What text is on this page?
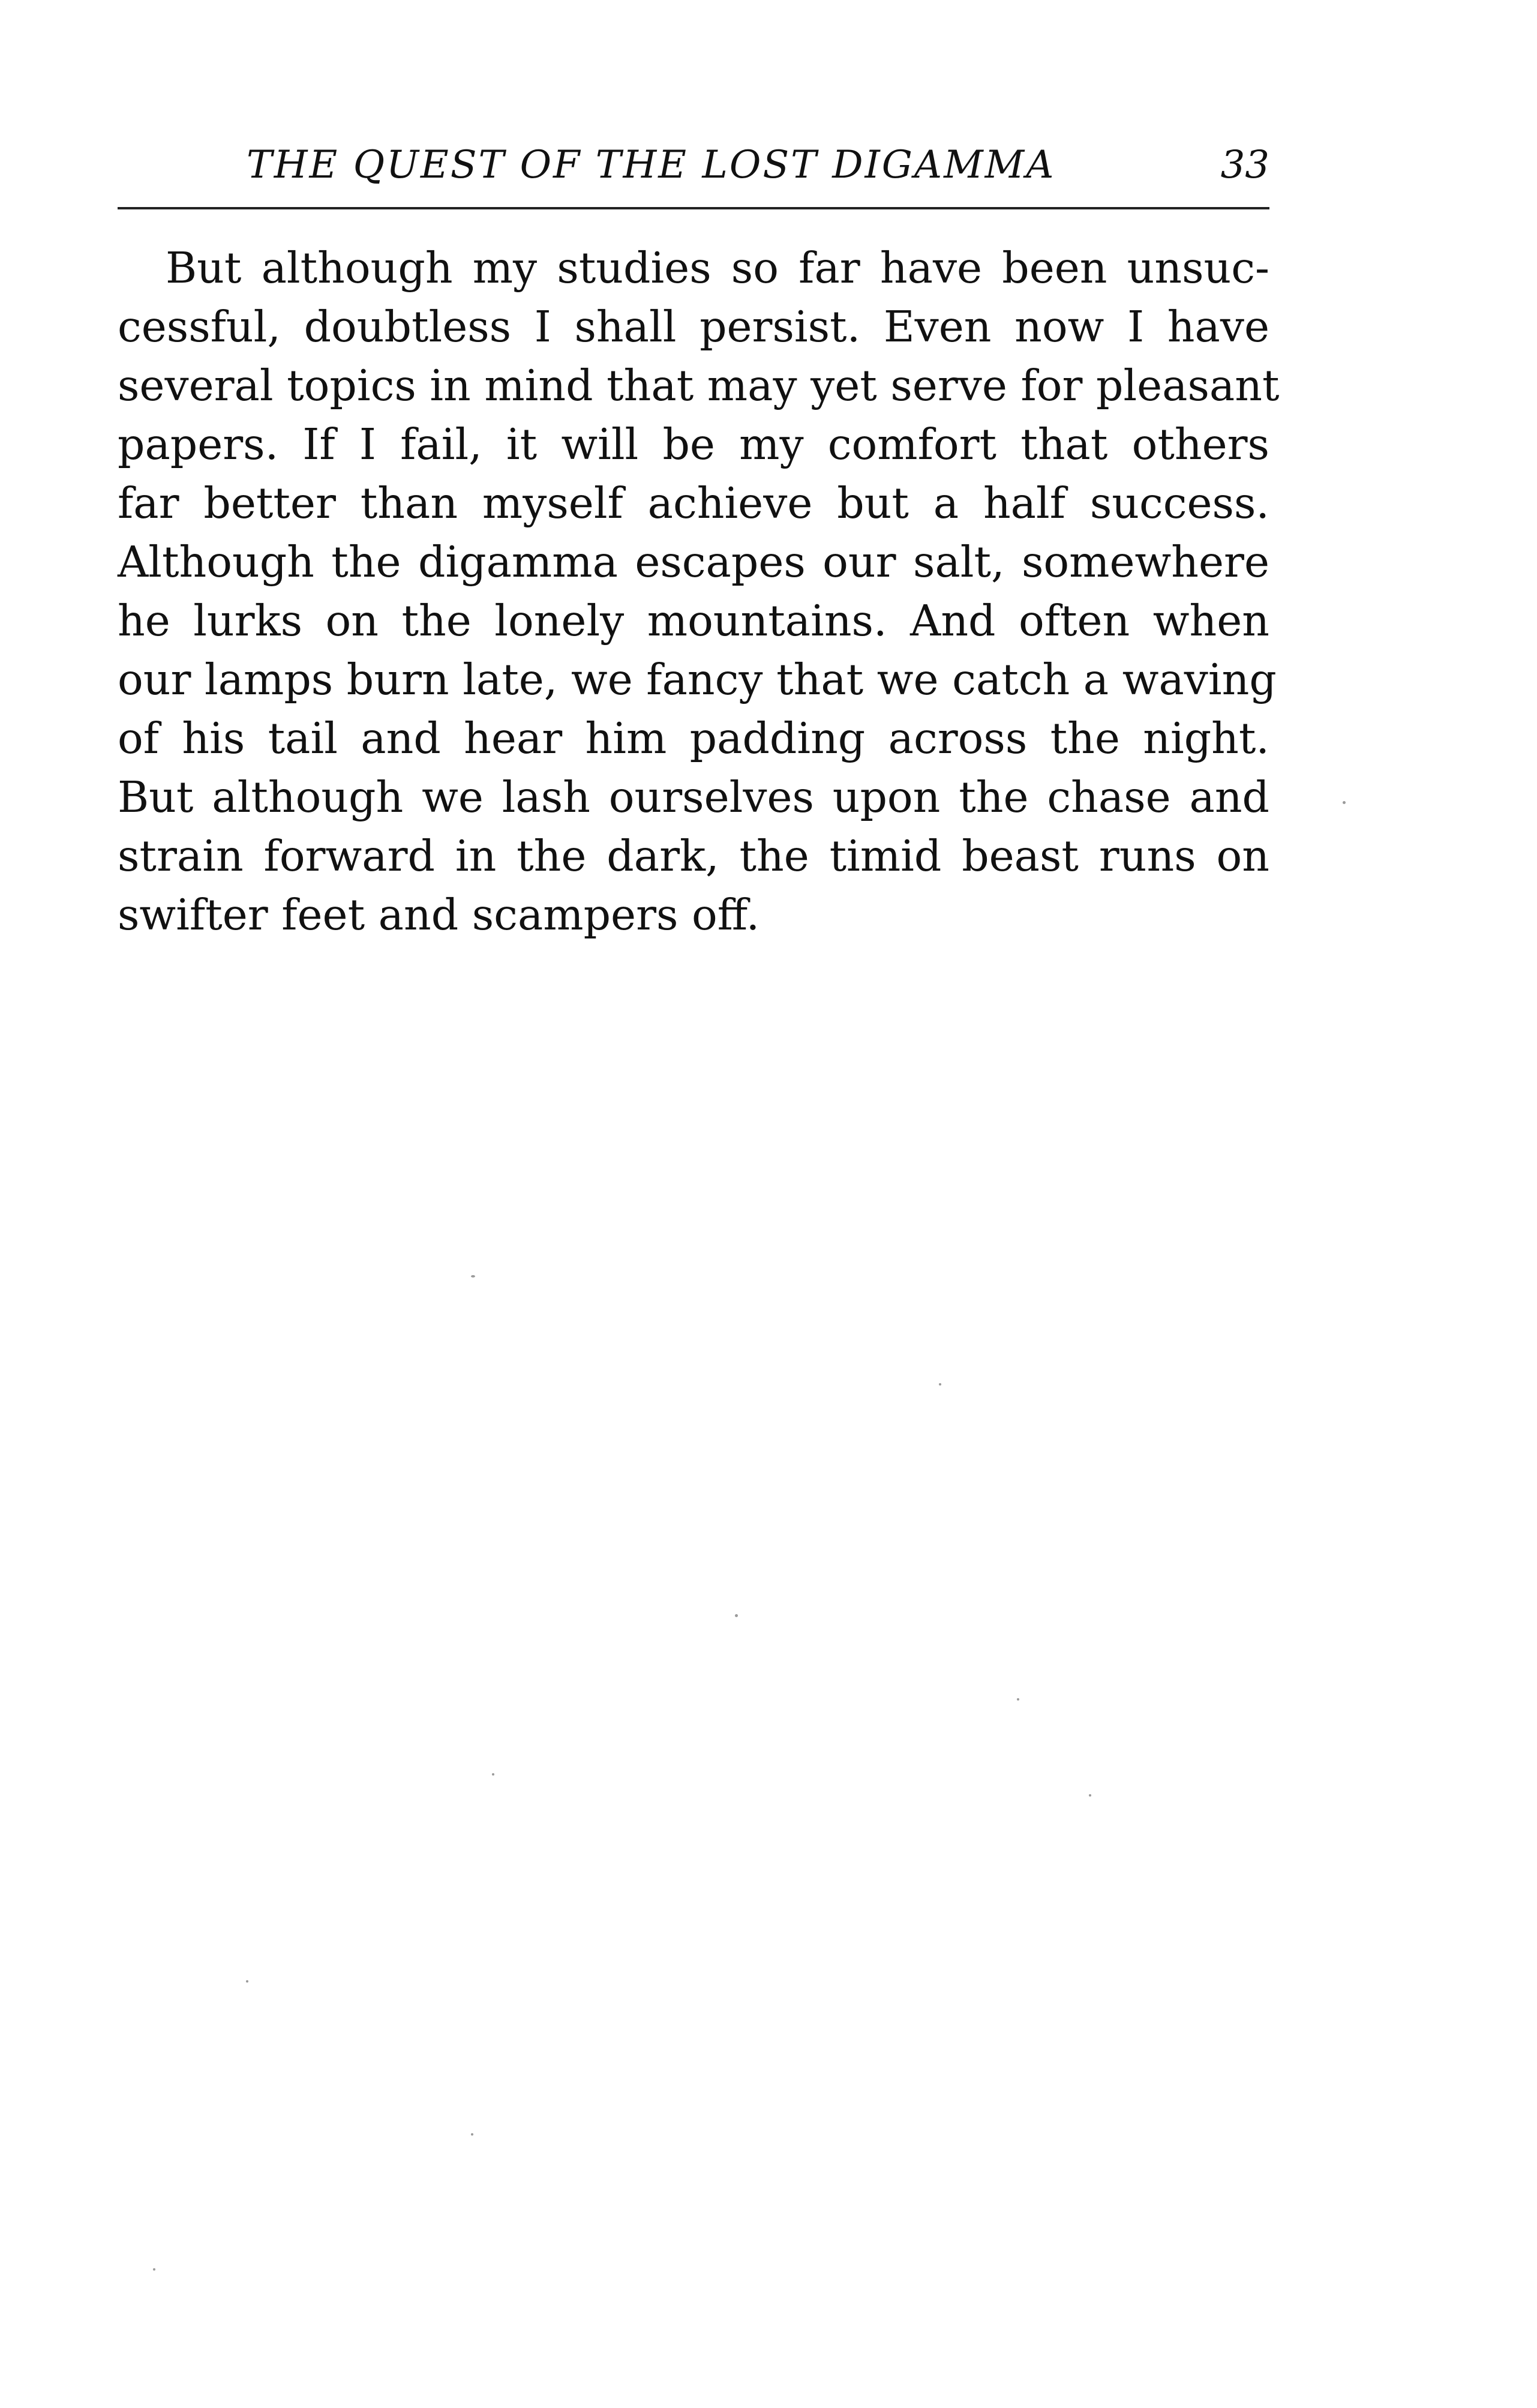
THE QUEST OF THE LOST DIGAMMA	33
But although my studies so far have been unsuc-
cessful, doubtless I shall persist. Even now I have
several topics in mind that may yet serve for pleasant
papers. If I fail, it will be my comfort that others
far better than myself achieve but a half success.
Although the digamma escapes our salt, somewhere
he lurks on the lonely mountains. And often when
our lamps burn late, we fancy that we catch a waving
of his tail and hear him padding across the night.
But although we lash ourselves upon the chase and
strain forward in the dark, the timid beast runs on
swifter feet and scampers off.
